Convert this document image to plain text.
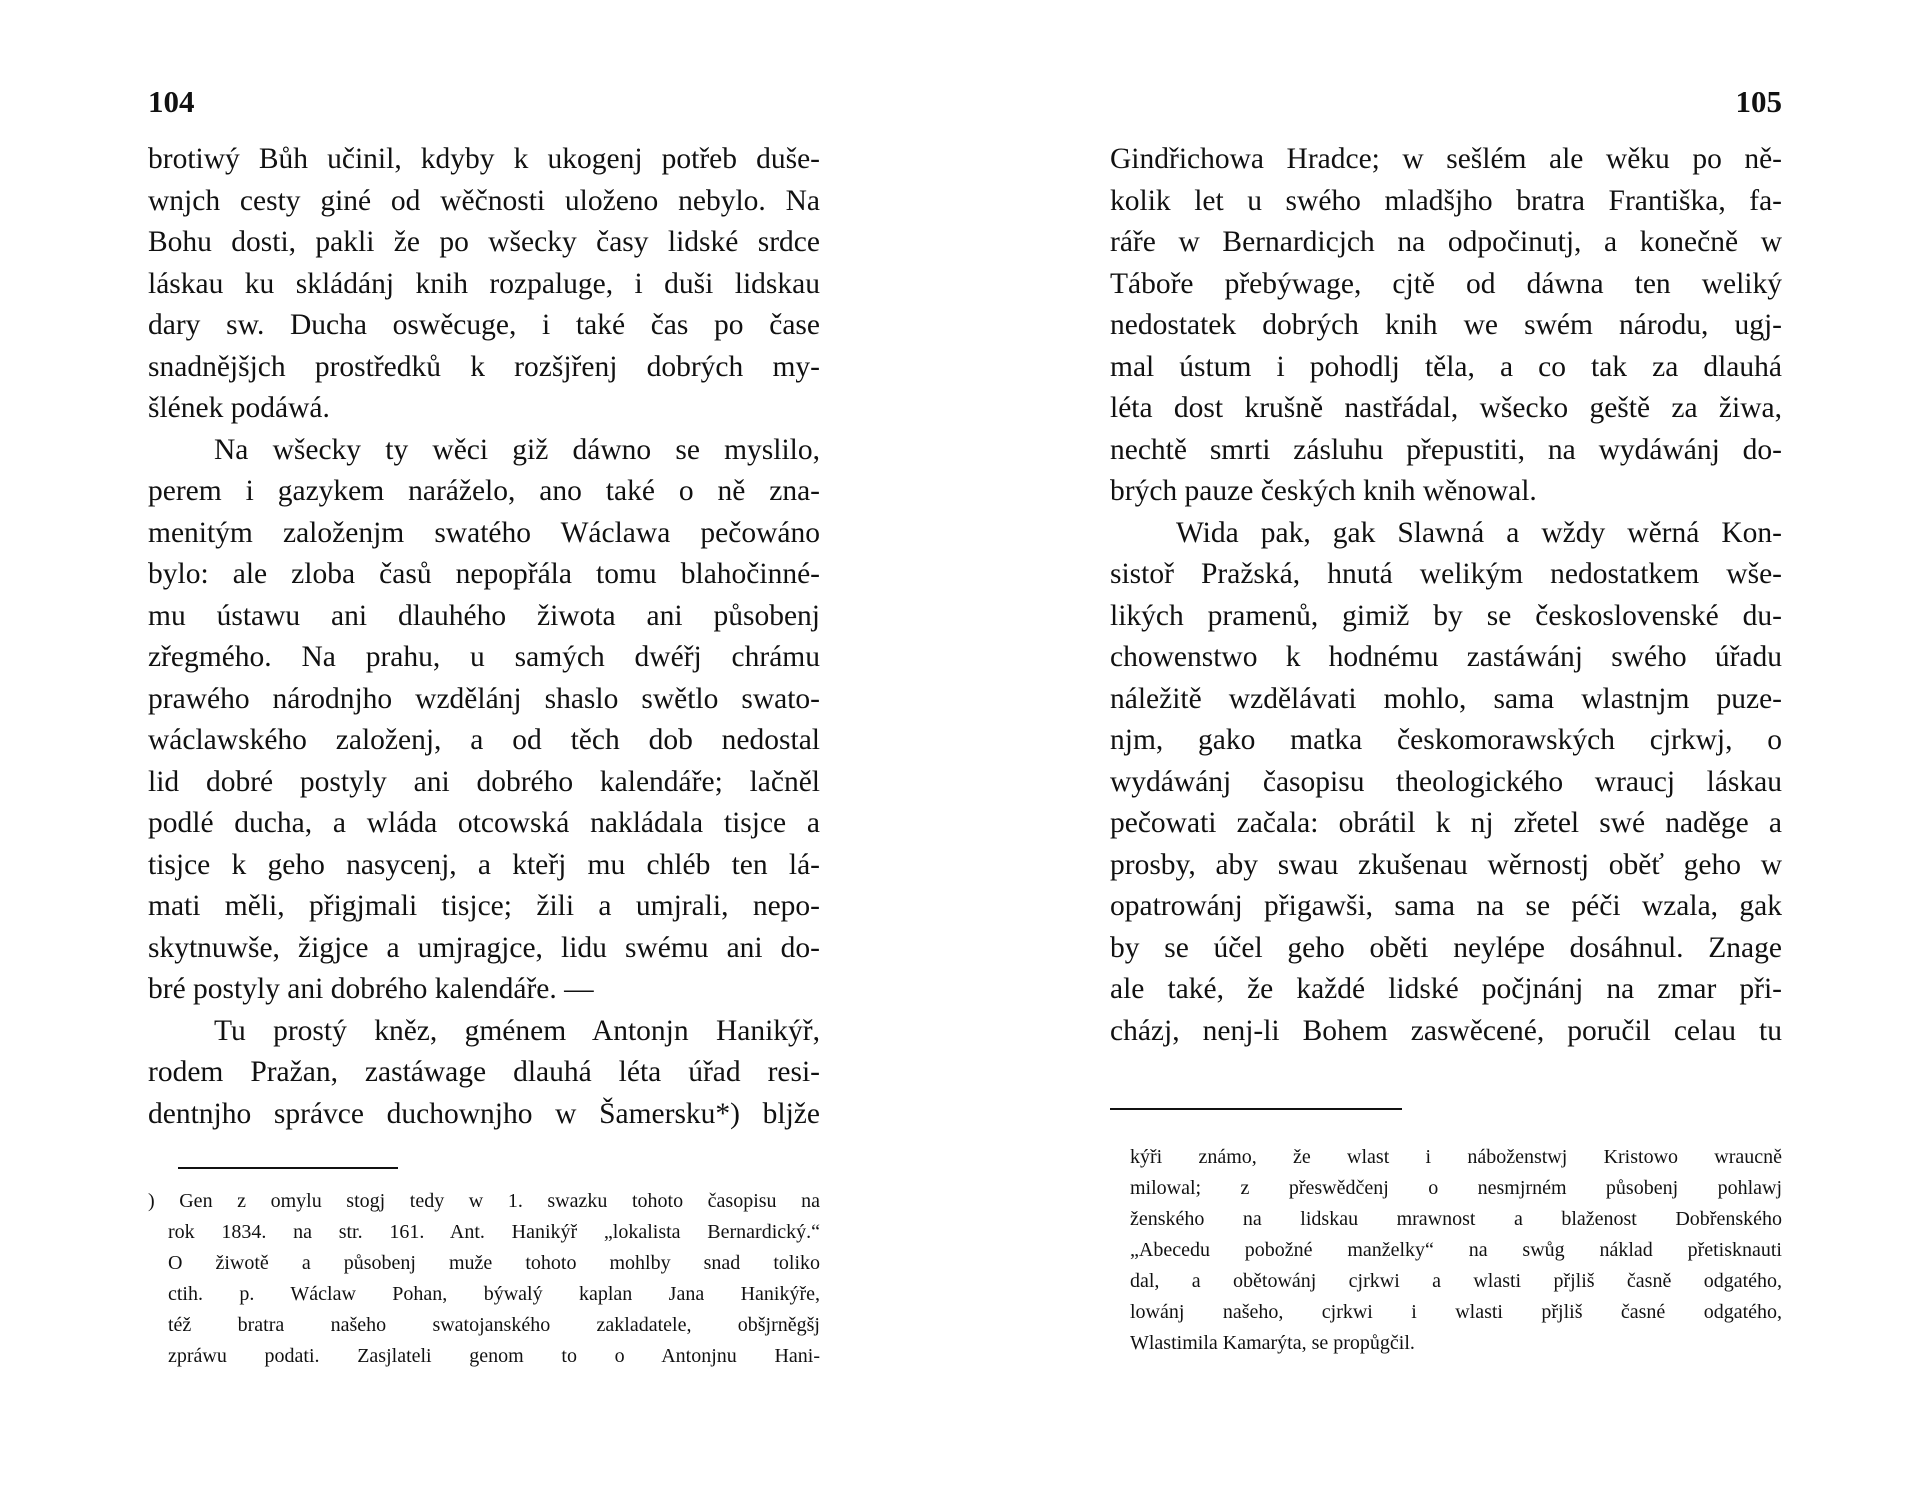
104
brotiwý Bůh učinil, kdyby k ukogenj potřeb duše-
wnjch cesty giné od wěčnosti uloženo nebylo. Na
Bohu dosti, pakli že po wšecky časy lidské srdce
láskau ku skládánj knih rozpaluge, i duši lidskau
dary sw. Ducha oswěcuge, i také čas po čase
snadnějšjch prostředků k rozšjřenj dobrých my-
šlének podáwá.
Na wšecky ty wěci giž dáwno se myslilo,
perem i gazykem naráželo, ano také o ně zna-
menitým založenjm swatého Wáclawa pečowáno
bylo: ale zloba časů nepopřála tomu blahočinné-
mu ústawu ani dlauhého žiwota ani působenj
zřegmého. Na prahu, u samých dwéřj chrámu
prawého národnjho wzdělánj shaslo swětlo swato-
wáclawského založenj, a od těch dob nedostal
lid dobré postyly ani dobrého kalendáře; lačněl
podlé ducha, a wláda otcowská nakládala tisjce a
tisjce k geho nasycenj, a kteřj mu chléb ten lá-
mati měli, přigjmali tisjce; žili a umjrali, nepo-
skytnuwše, žigjce a umjragjce, lidu swému ani do-
bré postyly ani dobrého kalendáře. —
Tu prostý kněz, gménem Antonjn Hanikýř,
rodem Pražan, zastáwage dlauhá léta úřad resi-
dentnjho správce duchownjho w Šamersku*) bljže
) Gen z omylu stogj tedy w 1. swazku tohoto časopisu na
rok 1834. na str. 161. Ant. Hanikýř „lokalista Bernardický.“
O žiwotě a působenj muže tohoto mohlby snad toliko
ctih. p. Wáclaw Pohan, býwalý kaplan Jana Hanikýře,
též bratra našeho swatojanského zakladatele, obšjrněgšj
zpráwu podati. Zasjlateli genom to o Antonjnu Hani-
105
Gindřichowa Hradce; w sešlém ale wěku po ně-
kolik let u swého mladšjho bratra Františka, fa-
ráře w Bernardicjch na odpočinutj, a konečně w
Táboře přebýwage, cjtě od dáwna ten weliký
nedostatek dobrých knih we swém národu, ugj-
mal ústum i pohodlj těla, a co tak za dlauhá
léta dost krušně nastřádal, wšecko geště za žiwa,
nechtě smrti zásluhu přepustiti, na wydáwánj do-
brých pauze českých knih wěnowal.
Wida pak, gak Slawná a wždy wěrná Kon-
sistoř Pražská, hnutá welikým nedostatkem wše-
likých pramenů, gimiž by se československé du-
chowenstwo k hodnému zastáwánj swého úřadu
náležitě wzdělávati mohlo, sama wlastnjm puze-
njm, gako matka českomorawských cjrkwj, o
wydáwánj časopisu theologického wraucj láskau
pečowati začala: obrátil k nj zřetel swé naděge a
prosby, aby swau zkušenau wěrnostj oběť geho w
opatrowánj přigawši, sama na se péči wzala, gak
by se účel geho oběti neylépe dosáhnul. Znage
ale také, že každé lidské počjnánj na zmar při-
cházj, nenj-li Bohem zaswěcené, poručil celau tu
kýři známo, že wlast i náboženstwj Kristowo wraucně
milowal; z přeswědčenj o nesmjrném působenj pohlawj
ženského na lidskau mrawnost a blaženost Dobřenského
„Abecedu pobožné manželky“ na swůg náklad přetisknauti
dal, a obětowánj cjrkwi a wlasti přjliš časně odgatého,
lowánj našeho, cjrkwi i wlasti přjliš časné odgatého,
Wlastimila Kamarýta, se propůgčil.
